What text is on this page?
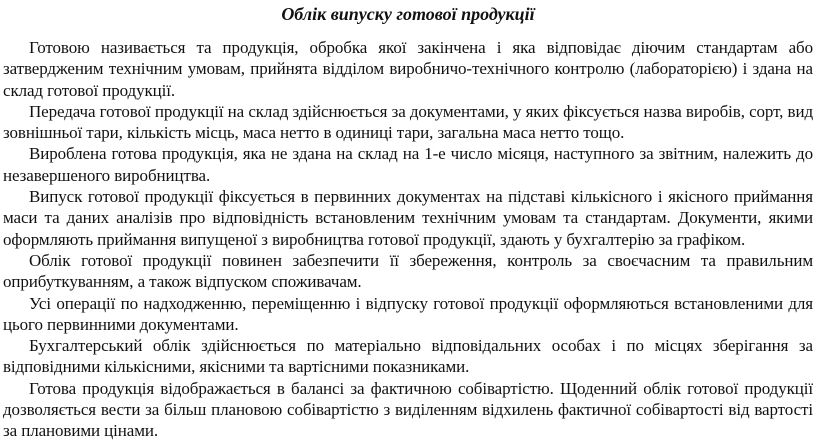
Облік випуску готової продукції

Готовою називається та продукція, обробка якої закінчена і яка відповідає діючим стандартам або затвердженим технічним умовам, прийнята відділом виробничо-технічного контролю (лабораторією) і здана на склад готової продукції.

Передача готової продукції на склад здійснюється за документами, у яких фіксується назва виробів, сорт, вид зовнішньої тари, кількість місць, маса нетто в одиниці тари, загальна маса нетто тощо.

Вироблена готова продукція, яка не здана на склад на 1-е число місяця, наступного за звітним, належить до незавершеного виробництва.

Випуск готової продукції фіксується в первинних документах на підставі кількісного і якісного приймання маси та даних аналізів про відповідність встановленим технічним умовам та стандартам. Документи, якими оформляють приймання випущеної з виробництва готової продукції, здають у бухгалтерію за графіком.

Облік готової продукції повинен забезпечити її збереження, контроль за своєчасним та правильним оприбуткуванням, а також відпуском споживачам.

Усі операції по надходженню, переміщенню і відпуску готової продукції оформляються встановленими для цього первинними документами.

Бухгалтерський облік здійснюється по матеріально відповідальних особах і по місцях зберігання за відповідними кількісними, якісними та вартісними показниками.

Готова продукція відображається в балансі за фактичною собівартістю. Щоденний облік готової продукції дозволяється вести за більш плановою собівартістю з виділенням відхилень фактичної собівартості від вартості за плановими цінами.
